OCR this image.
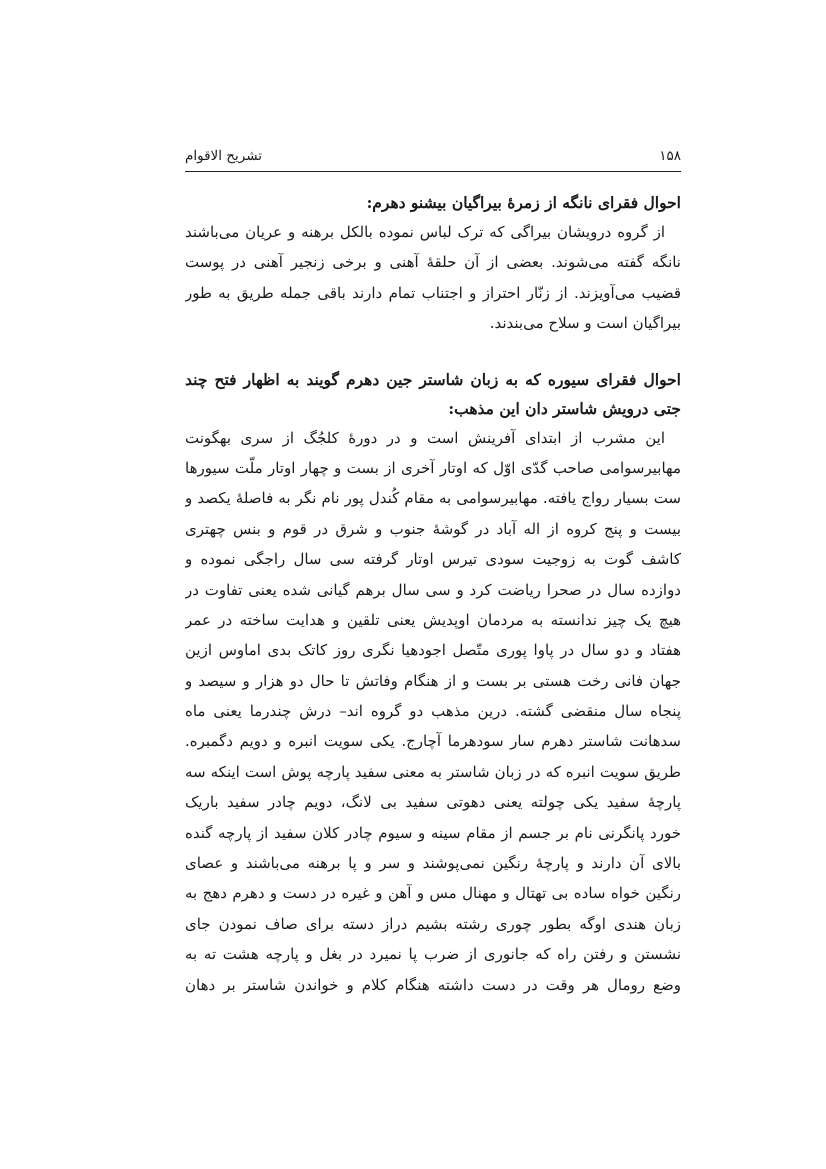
۱۵۸
تشریح الاقوام
احوال فقرای نانگه از زمرهٔ بیراگیان بیشنو دهرم:
از گروه درویشان بیراگی که ترک لباس نموده بالکل برهنه و عریان می‌باشند
نانگه گفته می‌شوند. بعضی از آن حلقهٔ آهنی و برخی زنجیر آهنی در پوست
قضیب می‌آویزند. از زنّار احتراز و اجتناب تمام دارند باقی جمله طریق به طور
بیراگیان است و سلاح می‌بندند.
احوال فقرای سیوره که به زبان شاستر جین دهرم گویند به اظهار فتح چند
جتی درویش شاستر دان این مذهب:
این مشرب از ابتدای آفرینش است و در دورهٔ کلجُگ از سری بهگونت
مهابیرسوامی صاحب گدّی اوّل که اوتار آخری از بست و چهار اوتار ملّت سیورها
ست بسیار رواج یافته. مهابیرسوامی به مقام کُندل پور نام نگر به فاصلهٔ یکصد و
بیست و پنج کروه از اله آباد در گوشهٔ جنوب و شرق در قوم و بنس چهتری
کاشف گوت به زوجیت سودی تیرس اوتار گرفته سی سال راجگی نموده و
دوازده سال در صحرا ریاضت کرد و سی سال برهم گیانی شده یعنی تفاوت در
هیچ یک چیز ندانسته به مردمان اوپدیش یعنی تلقین و هدایت ساخته در عمر
هفتاد و دو سال در پاوا پوری متّصل اجودهیا نگری روز کاتک بدی اماوس ازین
جهان فانی رخت هستی بر بست و از هنگام وفاتش تا حال دو هزار و سیصد و
پنجاه سال منقضی گشته. درین مذهب دو گروه اند– درش چندرما یعنی ماه
سدهانت شاستر دهرم سار سودهرما آچارج. یکی سویت انبره و دویم دگمبره.
طریق سویت انبره که در زبان شاستر به معنی سفید پارچه پوش است اینکه سه
پارچهٔ سفید یکی چولته یعنی دهوتی سفید بی لانگ، دویم چادر سفید باریک
خورد پانگرنی نام بر جسم از مقام سینه و سیوم چادر کلان سفید از پارچه گنده
بالای آن دارند و پارچهٔ رنگین نمی‌پوشند و سر و پا برهنه می‌باشند و عصای
رنگین خواه ساده بی تهتال و مهنال مس و آهن و غیره در دست و دهرم دهج به
زبان هندی اوگه بطور چوری رشته بشیم دراز دسته برای صاف نمودن جای
نشستن و رفتن راه که جانوری از ضرب پا نمیرد در بغل و پارچه هشت ته به
وضع رومال هر وقت در دست داشته هنگام کلام و خواندن شاستر بر دهان
